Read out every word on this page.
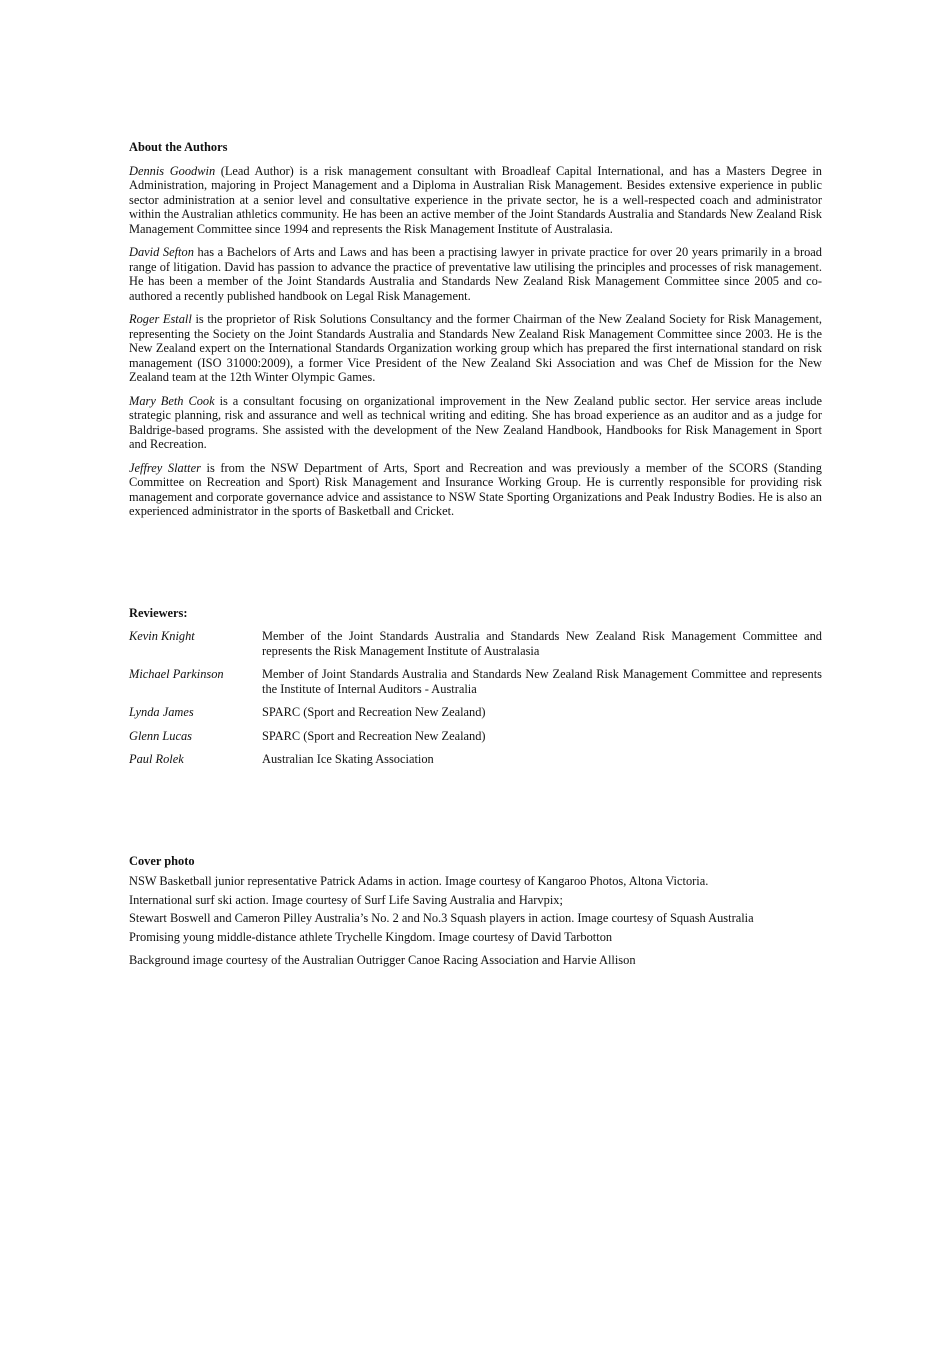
About the Authors

Dennis Goodwin (Lead Author) is a risk management consultant with Broadleaf Capital International, and has a Masters Degree in Administration, majoring in Project Management and a Diploma in Australian Risk Management. Besides extensive experience in public sector administration at a senior level and consultative experience in the private sector, he is a well-respected coach and administrator within the Australian athletics community. He has been an active member of the Joint Standards Australia and Standards New Zealand Risk Management Committee since 1994 and represents the Risk Management Institute of Australasia.

David Sefton has a Bachelors of Arts and Laws and has been a practising lawyer in private practice for over 20 years primarily in a broad range of litigation. David has passion to advance the practice of preventative law utilising the principles and processes of risk management. He has been a member of the Joint Standards Australia and Standards New Zealand Risk Management Committee since 2005 and co-authored a recently published handbook on Legal Risk Management.

Roger Estall is the proprietor of Risk Solutions Consultancy and the former Chairman of the New Zealand Society for Risk Management, representing the Society on the Joint Standards Australia and Standards New Zealand Risk Management Committee since 2003. He is the New Zealand expert on the International Standards Organization working group which has prepared the first international standard on risk management (ISO 31000:2009), a former Vice President of the New Zealand Ski Association and was Chef de Mission for the New Zealand team at the 12th Winter Olympic Games.

Mary Beth Cook is a consultant focusing on organizational improvement in the New Zealand public sector. Her service areas include strategic planning, risk and assurance and well as technical writing and editing. She has broad experience as an auditor and as a judge for Baldrige-based programs. She assisted with the development of the New Zealand Handbook, Handbooks for Risk Management in Sport and Recreation.

Jeffrey Slatter is from the NSW Department of Arts, Sport and Recreation and was previously a member of the SCORS (Standing Committee on Recreation and Sport) Risk Management and Insurance Working Group. He is currently responsible for providing risk management and corporate governance advice and assistance to NSW State Sporting Organizations and Peak Industry Bodies. He is also an experienced administrator in the sports of Basketball and Cricket.

Reviewers:
Kevin Knight	Member of the Joint Standards Australia and Standards New Zealand Risk Management Committee and represents the Risk Management Institute of Australasia
Michael Parkinson	Member of Joint Standards Australia and Standards New Zealand Risk Management Committee and represents the Institute of Internal Auditors - Australia
Lynda James	SPARC (Sport and Recreation New Zealand)
Glenn Lucas	SPARC (Sport and Recreation New Zealand)
Paul Rolek	Australian Ice Skating Association
Cover photo

NSW Basketball junior representative Patrick Adams in action. Image courtesy of Kangaroo Photos, Altona Victoria.

International surf ski action. Image courtesy of Surf Life Saving Australia and Harvpix;

Stewart Boswell and Cameron Pilley Australia’s No. 2 and No.3 Squash players in action. Image courtesy of Squash Australia

Promising young middle-distance athlete Trychelle Kingdom. Image courtesy of David Tarbotton

Background image courtesy of the Australian Outrigger Canoe Racing Association and Harvie Allison
